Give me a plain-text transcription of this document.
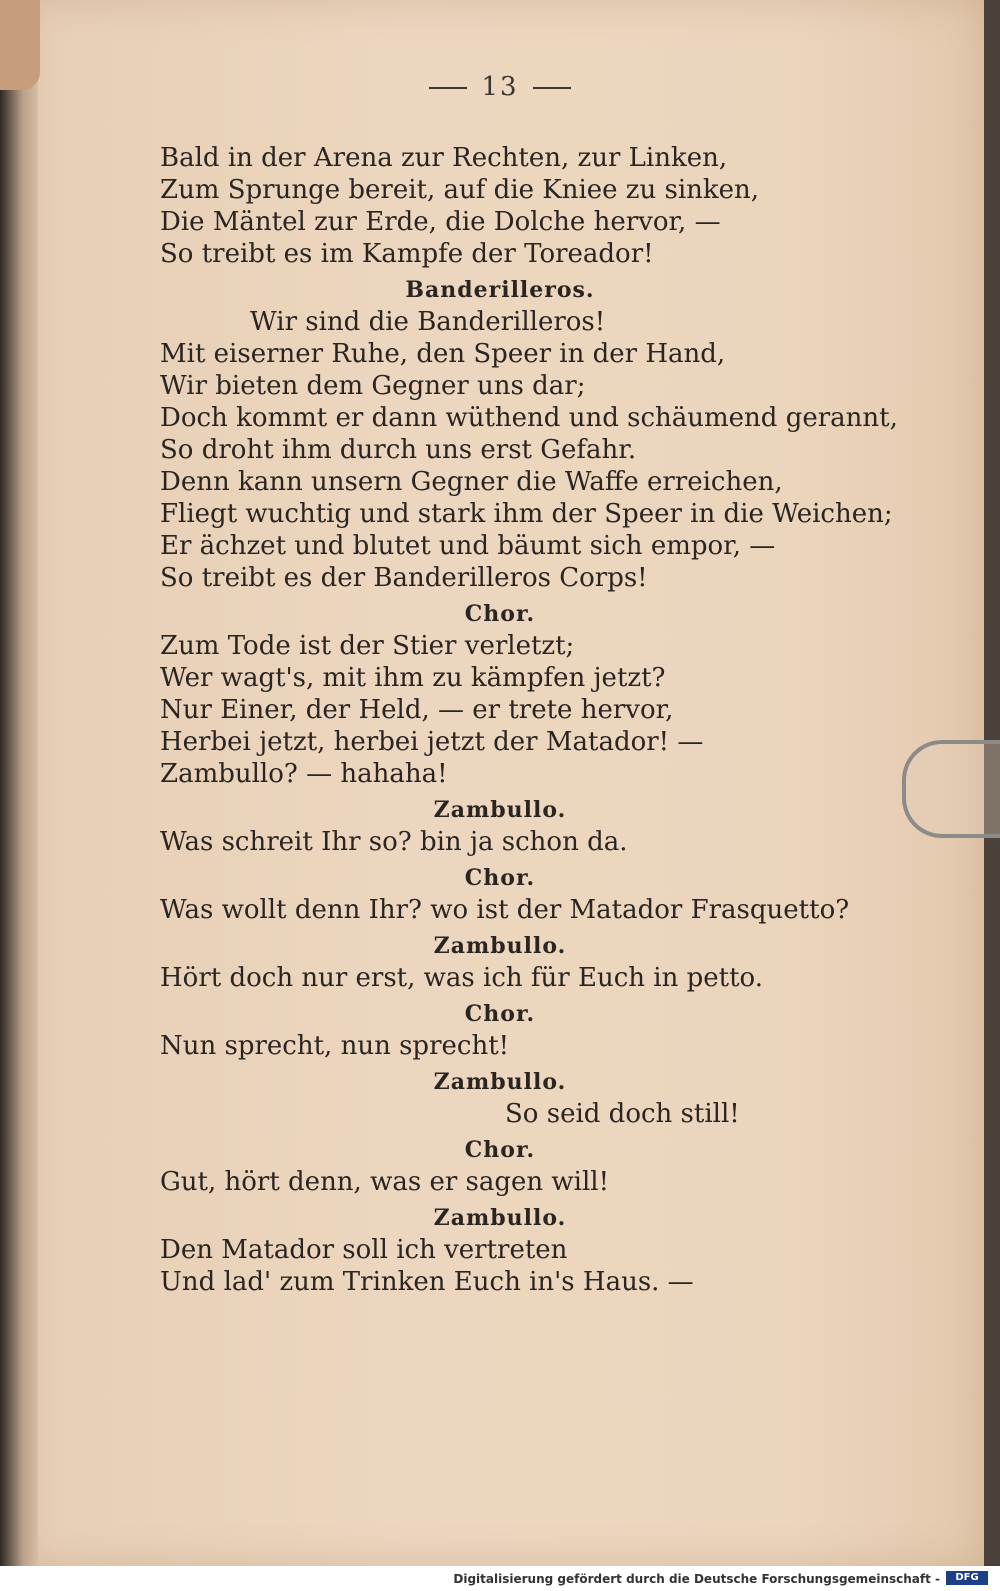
13
Bald in der Arena zur Rechten, zur Linken,
Zum Sprunge bereit, auf die Kniee zu sinken,
Die Mäntel zur Erde, die Dolche hervor, —
So treibt es im Kampfe der Toreador!
Banderilleros.
Wir sind die Banderilleros!
Mit eiserner Ruhe, den Speer in der Hand,
Wir bieten dem Gegner uns dar;
Doch kommt er dann wüthend und schäumend gerannt,
So droht ihm durch uns erst Gefahr.
Denn kann unsern Gegner die Waffe erreichen,
Fliegt wuchtig und stark ihm der Speer in die Weichen;
Er ächzet und blutet und bäumt sich empor, —
So treibt es der Banderilleros Corps!
Chor.
Zum Tode ist der Stier verletzt;
Wer wagt's, mit ihm zu kämpfen jetzt?
Nur Einer, der Held, — er trete hervor,
Herbei jetzt, herbei jetzt der Matador! —
Zambullo? — hahaha!
Zambullo.
Was schreit Ihr so? bin ja schon da.
Chor.
Was wollt denn Ihr? wo ist der Matador Frasquetto?
Zambullo.
Hört doch nur erst, was ich für Euch in petto.
Chor.
Nun sprecht, nun sprecht!
Zambullo.
So seid doch still!
Chor.
Gut, hört denn, was er sagen will!
Zambullo.
Den Matador soll ich vertreten
Und lad' zum Trinken Euch in's Haus. —
Digitalisierung gefördert durch die Deutsche Forschungsgemeinschaft -	DFG
